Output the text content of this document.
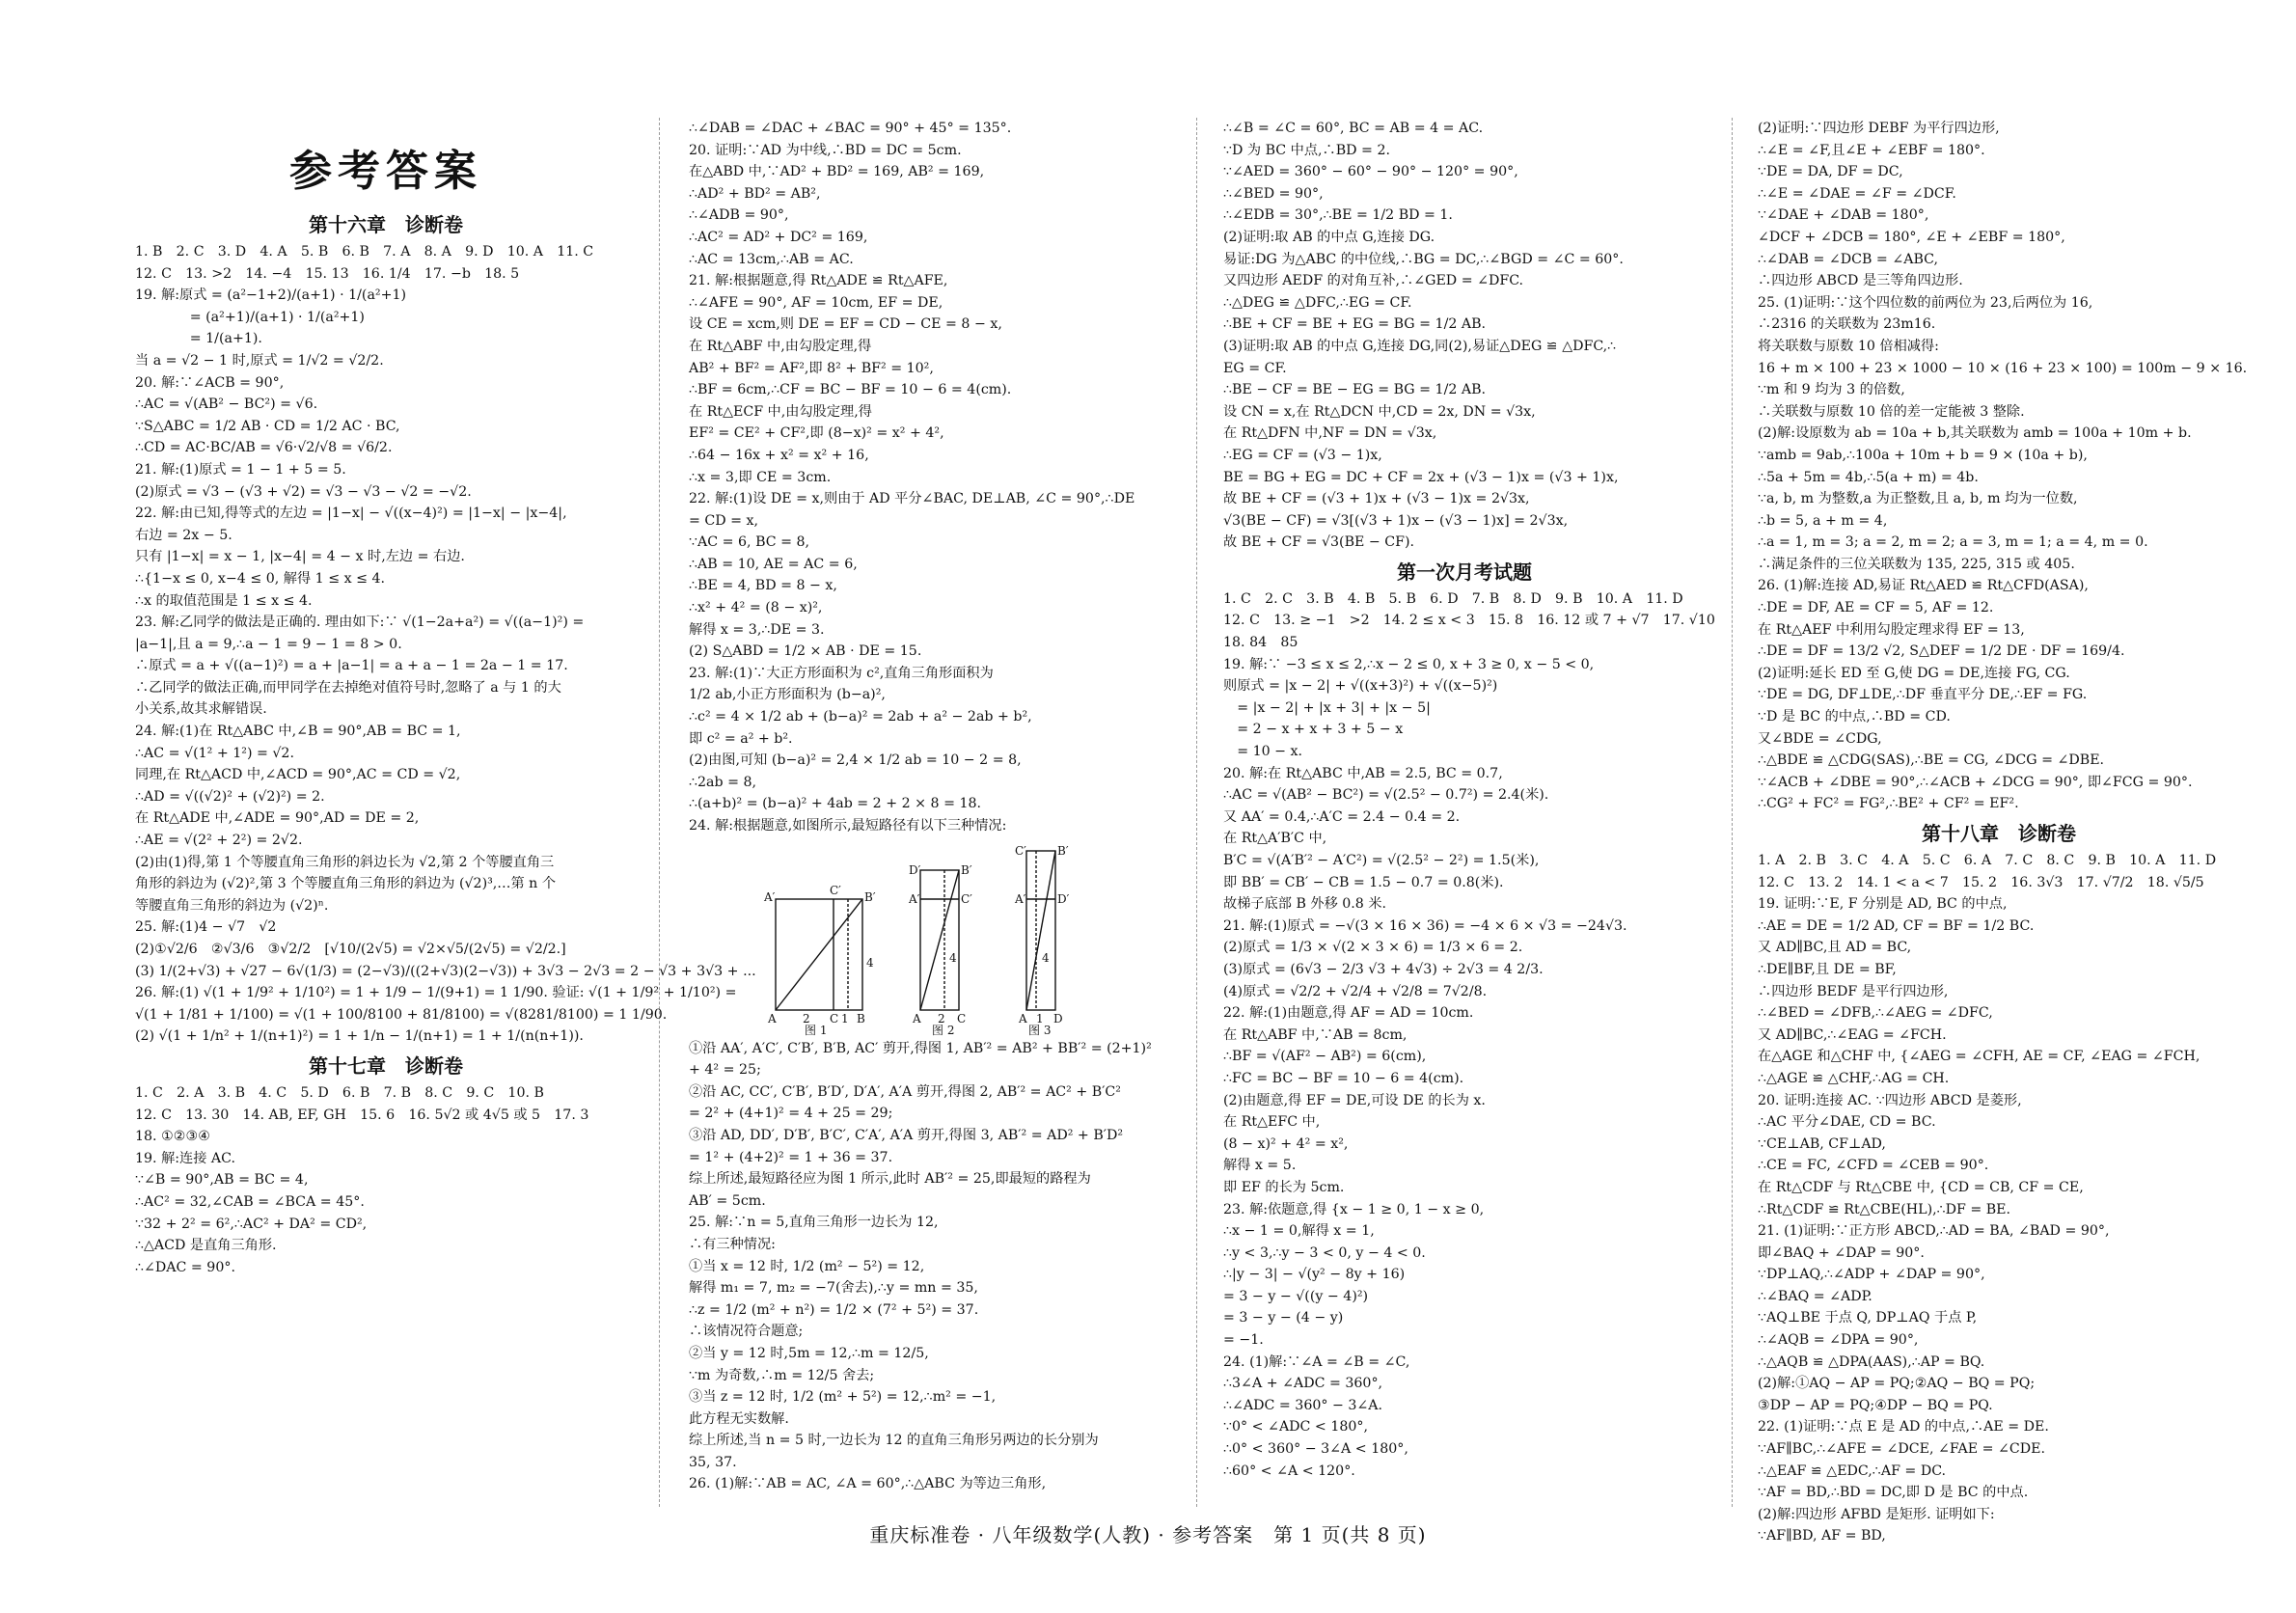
参考答案
第十六章　诊断卷
1. B　2. C　3. D　4. A　5. B　6. B　7. A　8. A　9. D　10. A　11. C
12. C　13. >2　14. −4　15. 13　16. 1/4　17. −b　18. 5
19. 解:原式 = (a²−1+2)/(a+1) · 1/(a²+1)
　　　　= (a²+1)/(a+1) · 1/(a²+1)
　　　　= 1/(a+1).
当 a = √2 − 1 时,原式 = 1/√2 = √2/2.
20. 解:∵∠ACB = 90°,
∴AC = √(AB² − BC²) = √6.
∵S△ABC = 1/2 AB · CD = 1/2 AC · BC,
∴CD = AC·BC/AB = √6·√2/√8 = √6/2.
21. 解:(1)原式 = 1 − 1 + 5 = 5.
(2)原式 = √3 − (√3 + √2) = √3 − √3 − √2 = −√2.
22. 解:由已知,得等式的左边 = |1−x| − √((x−4)²) = |1−x| − |x−4|,
右边 = 2x − 5.
只有 |1−x| = x − 1, |x−4| = 4 − x 时,左边 = 右边.
∴{1−x ≤ 0, x−4 ≤ 0, 解得 1 ≤ x ≤ 4.
∴x 的取值范围是 1 ≤ x ≤ 4.
23. 解:乙同学的做法是正确的. 理由如下:∵ √(1−2a+a²) = √((a−1)²) =
|a−1|,且 a = 9,∴a − 1 = 9 − 1 = 8 > 0.
∴原式 = a + √((a−1)²) = a + |a−1| = a + a − 1 = 2a − 1 = 17.
∴乙同学的做法正确,而甲同学在去掉绝对值符号时,忽略了 a 与 1 的大
小关系,故其求解错误.
24. 解:(1)在 Rt△ABC 中,∠B = 90°,AB = BC = 1,
∴AC = √(1² + 1²) = √2.
同理,在 Rt△ACD 中,∠ACD = 90°,AC = CD = √2,
∴AD = √((√2)² + (√2)²) = 2.
在 Rt△ADE 中,∠ADE = 90°,AD = DE = 2,
∴AE = √(2² + 2²) = 2√2.
(2)由(1)得,第 1 个等腰直角三角形的斜边长为 √2,第 2 个等腰直角三
角形的斜边为 (√2)²,第 3 个等腰直角三角形的斜边为 (√2)³,…第 n 个
等腰直角三角形的斜边为 (√2)ⁿ.
25. 解:(1)4 − √7　√2
(2)①√2/6　②√3/6　③√2/2　[√10/(2√5) = √2×√5/(2√5) = √2/2.]
(3) 1/(2+√3) + √27 − 6√(1/3) = (2−√3)/((2+√3)(2−√3)) + 3√3 − 2√3 = 2 − √3 + 3√3 + ...
26. 解:(1) √(1 + 1/9² + 1/10²) = 1 + 1/9 − 1/(9+1) = 1 1/90. 验证: √(1 + 1/9² + 1/10²) =
√(1 + 1/81 + 1/100) = √(1 + 100/8100 + 81/8100) = √(8281/8100) = 1 1/90.
(2) √(1 + 1/n² + 1/(n+1)²) = 1 + 1/n − 1/(n+1) = 1 + 1/(n(n+1)).
第十七章　诊断卷
1. C　2. A　3. B　4. C　5. D　6. B　7. B　8. C　9. C　10. B
12. C　13. 30　14. AB, EF, GH　15. 6　16. 5√2 或 4√5 或 5　17. 3
18. ①②③④
19. 解:连接 AC.
∵∠B = 90°,AB = BC = 4,
∴AC² = 32,∠CAB = ∠BCA = 45°.
∵32 + 2² = 6²,∴AC² + DA² = CD²,
∴△ACD 是直角三角形.
∴∠DAC = 90°.
∴∠DAB = ∠DAC + ∠BAC = 90° + 45° = 135°.
20. 证明:∵AD 为中线,∴BD = DC = 5cm.
在△ABD 中,∵AD² + BD² = 169, AB² = 169,
∴AD² + BD² = AB²,
∴∠ADB = 90°,
∴AC² = AD² + DC² = 169,
∴AC = 13cm,∴AB = AC.
21. 解:根据题意,得 Rt△ADE ≌ Rt△AFE,
∴∠AFE = 90°, AF = 10cm, EF = DE,
设 CE = xcm,则 DE = EF = CD − CE = 8 − x,
在 Rt△ABF 中,由勾股定理,得
AB² + BF² = AF²,即 8² + BF² = 10²,
∴BF = 6cm,∴CF = BC − BF = 10 − 6 = 4(cm).
在 Rt△ECF 中,由勾股定理,得
EF² = CE² + CF²,即 (8−x)² = x² + 4²,
∴64 − 16x + x² = x² + 16,
∴x = 3,即 CE = 3cm.
22. 解:(1)设 DE = x,则由于 AD 平分∠BAC, DE⊥AB, ∠C = 90°,∴DE
= CD = x,
∵AC = 6, BC = 8,
∴AB = 10, AE = AC = 6,
∴BE = 4, BD = 8 − x,
∴x² + 4² = (8 − x)²,
解得 x = 3,∴DE = 3.
(2) S△ABD = 1/2 × AB · DE = 15.
23. 解:(1)∵大正方形面积为 c²,直角三角形面积为
1/2 ab,小正方形面积为 (b−a)²,
∴c² = 4 × 1/2 ab + (b−a)² = 2ab + a² − 2ab + b²,
即 c² = a² + b².
(2)由图,可知 (b−a)² = 2,4 × 1/2 ab = 10 − 2 = 8,
∴2ab = 8,
∴(a+b)² = (b−a)² + 4ab = 2 + 2 × 8 = 18.
24. 解:根据题意,如图所示,最短路径有以下三种情况:
A′	C′ B′
4
A 2 C 1 B
图 1
D′
A′
B′
C′
4
A 2 C
图 2
C′
A′
B′
D′
4
A 1 D
图 3
①沿 AA′, A′C′, C′B′, B′B, AC′ 剪开,得图 1, AB′² = AB² + BB′² = (2+1)²
+ 4² = 25;
②沿 AC, CC′, C′B′, B′D′, D′A′, A′A 剪开,得图 2, AB′² = AC² + B′C²
= 2² + (4+1)² = 4 + 25 = 29;
③沿 AD, DD′, D′B′, B′C′, C′A′, A′A 剪开,得图 3, AB′² = AD² + B′D²
= 1² + (4+2)² = 1 + 36 = 37.
综上所述,最短路径应为图 1 所示,此时 AB′² = 25,即最短的路程为
AB′ = 5cm.
25. 解:∵n = 5,直角三角形一边长为 12,
∴有三种情况:
①当 x = 12 时, 1/2 (m² − 5²) = 12,
解得 m₁ = 7, m₂ = −7(舍去),∴y = mn = 35,
∴z = 1/2 (m² + n²) = 1/2 × (7² + 5²) = 37.
∴该情况符合题意;
②当 y = 12 时,5m = 12,∴m = 12/5,
∵m 为奇数,∴m = 12/5 舍去;
③当 z = 12 时, 1/2 (m² + 5²) = 12,∴m² = −1,
此方程无实数解.
综上所述,当 n = 5 时,一边长为 12 的直角三角形另两边的长分别为
35, 37.
26. (1)解:∵AB = AC, ∠A = 60°,∴△ABC 为等边三角形,
∴∠B = ∠C = 60°, BC = AB = 4 = AC.
∵D 为 BC 中点,∴BD = 2.
∵∠AED = 360° − 60° − 90° − 120° = 90°,
∴∠BED = 90°,
∴∠EDB = 30°,∴BE = 1/2 BD = 1.
(2)证明:取 AB 的中点 G,连接 DG.
易证:DG 为△ABC 的中位线,∴BG = DC,∴∠BGD = ∠C = 60°.
又四边形 AEDF 的对角互补,∴∠GED = ∠DFC.
∴△DEG ≌ △DFC,∴EG = CF.
∴BE + CF = BE + EG = BG = 1/2 AB.
(3)证明:取 AB 的中点 G,连接 DG,同(2),易证△DEG ≌ △DFC,∴
EG = CF.
∴BE − CF = BE − EG = BG = 1/2 AB.
设 CN = x,在 Rt△DCN 中,CD = 2x, DN = √3x,
在 Rt△DFN 中,NF = DN = √3x,
∴EG = CF = (√3 − 1)x,
BE = BG + EG = DC + CF = 2x + (√3 − 1)x = (√3 + 1)x,
故 BE + CF = (√3 + 1)x + (√3 − 1)x = 2√3x,
√3(BE − CF) = √3[(√3 + 1)x − (√3 − 1)x] = 2√3x,
故 BE + CF = √3(BE − CF).
第一次月考试题
1. C　2. C　3. B　4. B　5. B　6. D　7. B　8. D　9. B　10. A　11. D
12. C　13. ≥ −1　>2　14. 2 ≤ x < 3　15. 8　16. 12 或 7 + √7　17. √10
18. 84　85
19. 解:∵ −3 ≤ x ≤ 2,∴x − 2 ≤ 0, x + 3 ≥ 0, x − 5 < 0,
则原式 = |x − 2| + √((x+3)²) + √((x−5)²)
　= |x − 2| + |x + 3| + |x − 5|
　= 2 − x + x + 3 + 5 − x
　= 10 − x.
20. 解:在 Rt△ABC 中,AB = 2.5, BC = 0.7,
∴AC = √(AB² − BC²) = √(2.5² − 0.7²) = 2.4(米).
又 AA′ = 0.4,∴A′C = 2.4 − 0.4 = 2.
在 Rt△A′B′C 中,
B′C = √(A′B′² − A′C²) = √(2.5² − 2²) = 1.5(米),
即 BB′ = CB′ − CB = 1.5 − 0.7 = 0.8(米).
故梯子底部 B 外移 0.8 米.
21. 解:(1)原式 = −√(3 × 16 × 36) = −4 × 6 × √3 = −24√3.
(2)原式 = 1/3 × √(2 × 3 × 6) = 1/3 × 6 = 2.
(3)原式 = (6√3 − 2/3 √3 + 4√3) ÷ 2√3 = 4 2/3.
(4)原式 = √2/2 + √2/4 + √2/8 = 7√2/8.
22. 解:(1)由题意,得 AF = AD = 10cm.
在 Rt△ABF 中,∵AB = 8cm,
∴BF = √(AF² − AB²) = 6(cm),
∴FC = BC − BF = 10 − 6 = 4(cm).
(2)由题意,得 EF = DE,可设 DE 的长为 x.
在 Rt△EFC 中,
(8 − x)² + 4² = x²,
解得 x = 5.
即 EF 的长为 5cm.
23. 解:依题意,得 {x − 1 ≥ 0, 1 − x ≥ 0,
∴x − 1 = 0,解得 x = 1,
∴y < 3,∴y − 3 < 0, y − 4 < 0.
∴|y − 3| − √(y² − 8y + 16)
= 3 − y − √((y − 4)²)
= 3 − y − (4 − y)
= −1.
24. (1)解:∵∠A = ∠B = ∠C,
∴3∠A + ∠ADC = 360°,
∴∠ADC = 360° − 3∠A.
∵0° < ∠ADC < 180°,
∴0° < 360° − 3∠A < 180°,
∴60° < ∠A < 120°.
(2)证明:∵四边形 DEBF 为平行四边形,
∴∠E = ∠F,且∠E + ∠EBF = 180°.
∵DE = DA, DF = DC,
∴∠E = ∠DAE = ∠F = ∠DCF.
∵∠DAE + ∠DAB = 180°,
∠DCF + ∠DCB = 180°, ∠E + ∠EBF = 180°,
∴∠DAB = ∠DCB = ∠ABC,
∴四边形 ABCD 是三等角四边形.
25. (1)证明:∵这个四位数的前两位为 23,后两位为 16,
∴2316 的关联数为 23m16.
将关联数与原数 10 倍相减得:
16 + m × 100 + 23 × 1000 − 10 × (16 + 23 × 100) = 100m − 9 × 16.
∵m 和 9 均为 3 的倍数,
∴关联数与原数 10 倍的差一定能被 3 整除.
(2)解:设原数为 ab = 10a + b,其关联数为 amb = 100a + 10m + b.
∵amb = 9ab,∴100a + 10m + b = 9 × (10a + b),
∴5a + 5m = 4b,∴5(a + m) = 4b.
∵a, b, m 为整数,a 为正整数,且 a, b, m 均为一位数,
∴b = 5, a + m = 4,
∴a = 1, m = 3; a = 2, m = 2; a = 3, m = 1; a = 4, m = 0.
∴满足条件的三位关联数为 135, 225, 315 或 405.
26. (1)解:连接 AD,易证 Rt△AED ≌ Rt△CFD(ASA),
∴DE = DF, AE = CF = 5, AF = 12.
在 Rt△AEF 中利用勾股定理求得 EF = 13,
∴DE = DF = 13/2 √2, S△DEF = 1/2 DE · DF = 169/4.
(2)证明:延长 ED 至 G,使 DG = DE,连接 FG, CG.
∵DE = DG, DF⊥DE,∴DF 垂直平分 DE,∴EF = FG.
∵D 是 BC 的中点,∴BD = CD.
又∠BDE = ∠CDG,
∴△BDE ≌ △CDG(SAS),∴BE = CG, ∠DCG = ∠DBE.
∵∠ACB + ∠DBE = 90°,∴∠ACB + ∠DCG = 90°, 即∠FCG = 90°.
∴CG² + FC² = FG²,∴BE² + CF² = EF².
第十八章　诊断卷
1. A　2. B　3. C　4. A　5. C　6. A　7. C　8. C　9. B　10. A　11. D
12. C　13. 2　14. 1 < a < 7　15. 2　16. 3√3　17. √7/2　18. √5/5
19. 证明:∵E, F 分别是 AD, BC 的中点,
∴AE = DE = 1/2 AD, CF = BF = 1/2 BC.
又 AD∥BC,且 AD = BC,
∴DE∥BF,且 DE = BF,
∴四边形 BEDF 是平行四边形,
∴∠BED = ∠DFB,∴∠AEG = ∠DFC,
又 AD∥BC,∴∠EAG = ∠FCH.
在△AGE 和△CHF 中, {∠AEG = ∠CFH, AE = CF, ∠EAG = ∠FCH,
∴△AGE ≌ △CHF,∴AG = CH.
20. 证明:连接 AC. ∵四边形 ABCD 是菱形,
∴AC 平分∠DAE, CD = BC.
∵CE⊥AB, CF⊥AD,
∴CE = FC, ∠CFD = ∠CEB = 90°.
在 Rt△CDF 与 Rt△CBE 中, {CD = CB, CF = CE,
∴Rt△CDF ≌ Rt△CBE(HL),∴DF = BE.
21. (1)证明:∵正方形 ABCD,∴AD = BA, ∠BAD = 90°,
即∠BAQ + ∠DAP = 90°.
∵DP⊥AQ,∴∠ADP + ∠DAP = 90°,
∴∠BAQ = ∠ADP.
∵AQ⊥BE 于点 Q, DP⊥AQ 于点 P,
∴∠AQB = ∠DPA = 90°,
∴△AQB ≌ △DPA(AAS),∴AP = BQ.
(2)解:①AQ − AP = PQ;②AQ − BQ = PQ;
③DP − AP = PQ;④DP − BQ = PQ.
22. (1)证明:∵点 E 是 AD 的中点,∴AE = DE.
∵AF∥BC,∴∠AFE = ∠DCE, ∠FAE = ∠CDE.
∴△EAF ≌ △EDC,∴AF = DC.
∵AF = BD,∴BD = DC,即 D 是 BC 的中点.
(2)解:四边形 AFBD 是矩形. 证明如下:
∵AF∥BD, AF = BD,
重庆标准卷 · 八年级数学(人教) · 参考答案　第 1 页(共 8 页)
